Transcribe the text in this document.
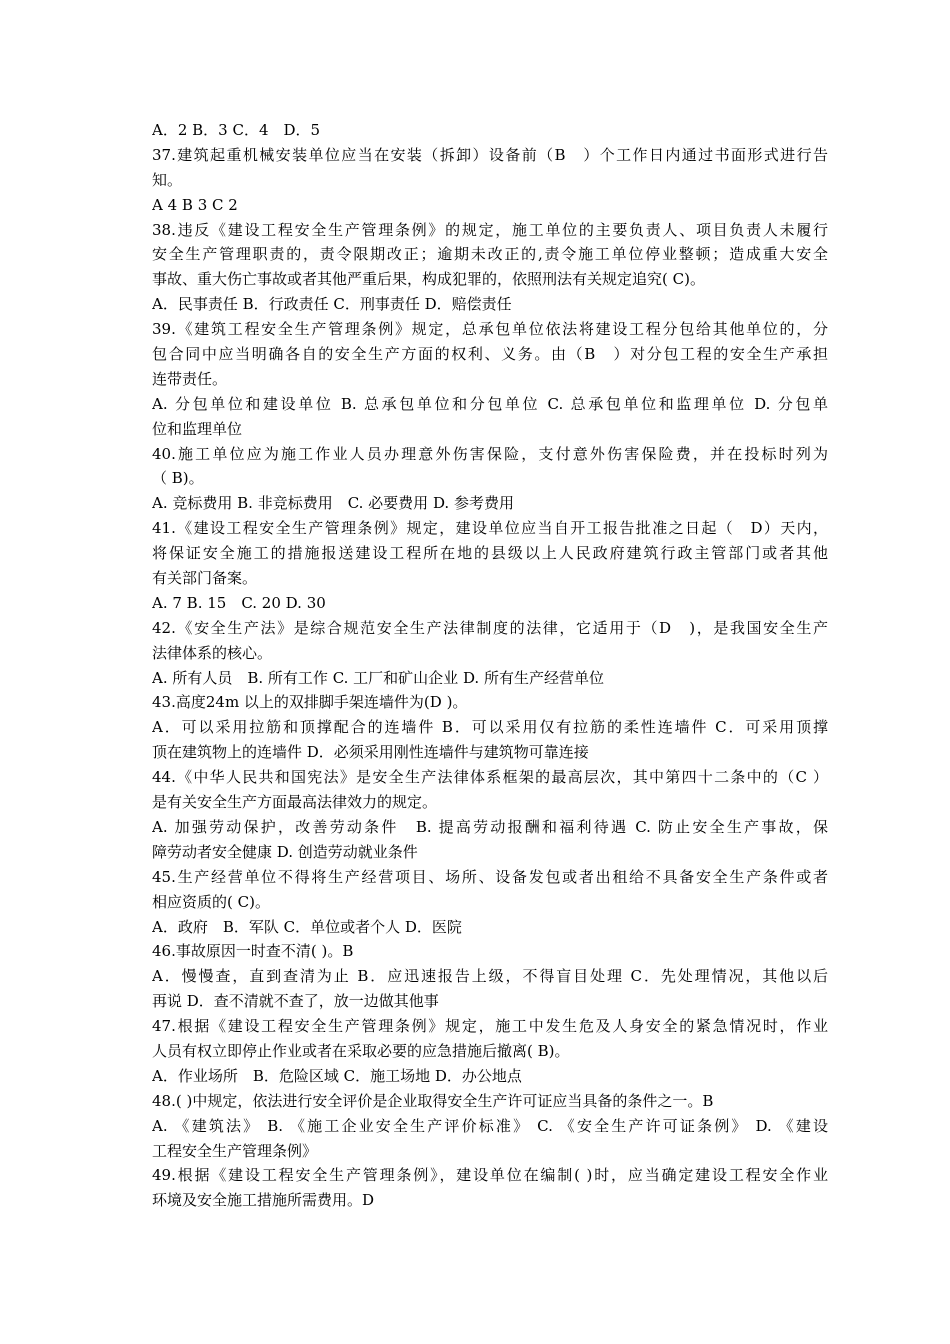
A．2 B．3 C．4　D．5
37.建筑起重机械安装单位应当在安装（拆卸）设备前（B　）个工作日内通过书面形式进行告
知。
A 4 B 3 C 2
38.违反《建设工程安全生产管理条例》的规定，施工单位的主要负责人、项目负责人未履行
安全生产管理职责的，责令限期改正；逾期未改正的,责令施工单位停业整顿；造成重大安全
事故、重大伤亡事故或者其他严重后果，构成犯罪的，依照刑法有关规定追究( C)。
A．民事责任 B．行政责任 C．刑事责任 D．赔偿责任
39.《建筑工程安全生产管理条例》规定，总承包单位依法将建设工程分包给其他单位的，分
包合同中应当明确各自的安全生产方面的权利、义务。由（B　）对分包工程的安全生产承担
连带责任。
A. 分包单位和建设单位 B. 总承包单位和分包单位 C. 总承包单位和监理单位 D. 分包单
位和监理单位
40.施工单位应为施工作业人员办理意外伤害保险，支付意外伤害保险费，并在投标时列为
（ B)。
A. 竞标费用 B. 非竞标费用　C. 必要费用 D. 参考费用
41.《建设工程安全生产管理条例》规定，建设单位应当自开工报告批准之日起（　D）天内，
将保证安全施工的措施报送建设工程所在地的县级以上人民政府建筑行政主管部门或者其他
有关部门备案。
A. 7 B. 15　C. 20 D. 30
42.《安全生产法》是综合规范安全生产法律制度的法律，它适用于（D　)，是我国安全生产
法律体系的核心。
A. 所有人员　B. 所有工作 C. 工厂和矿山企业 D. 所有生产经营单位
43.高度24m 以上的双排脚手架连墙件为(D )。
A．可以采用拉筋和顶撑配合的连墙件 B．可以采用仅有拉筋的柔性连墙件 C．可采用顶撑
顶在建筑物上的连墙件 D．必须采用刚性连墙件与建筑物可靠连接
44.《中华人民共和国宪法》是安全生产法律体系框架的最高层次，其中第四十二条中的（C ）
是有关安全生产方面最高法律效力的规定。
A. 加强劳动保护，改善劳动条件　B. 提高劳动报酬和福利待遇 C. 防止安全生产事故，保
障劳动者安全健康 D. 创造劳动就业条件
45.生产经营单位不得将生产经营项目、场所、设备发包或者出租给不具备安全生产条件或者
相应资质的( C)。
A．政府　B．军队 C．单位或者个人 D．医院
46.事故原因一时查不清( )。B
A．慢慢查，直到查清为止 B．应迅速报告上级，不得盲目处理 C．先处理情况，其他以后
再说 D．查不清就不查了，放一边做其他事
47.根据《建设工程安全生产管理条例》规定，施工中发生危及人身安全的紧急情况时，作业
人员有权立即停止作业或者在采取必要的应急措施后撤离( B)。
A．作业场所　B．危险区域 C．施工场地 D．办公地点
48.( )中规定，依法进行安全评价是企业取得安全生产许可证应当具备的条件之一。B
A. 《建筑法》 B. 《施工企业安全生产评价标准》 C. 《安全生产许可证条例》 D. 《建设
工程安全生产管理条例》
49.根据《建设工程安全生产管理条例》，建设单位在编制( )时，应当确定建设工程安全作业
环境及安全施工措施所需费用。D
